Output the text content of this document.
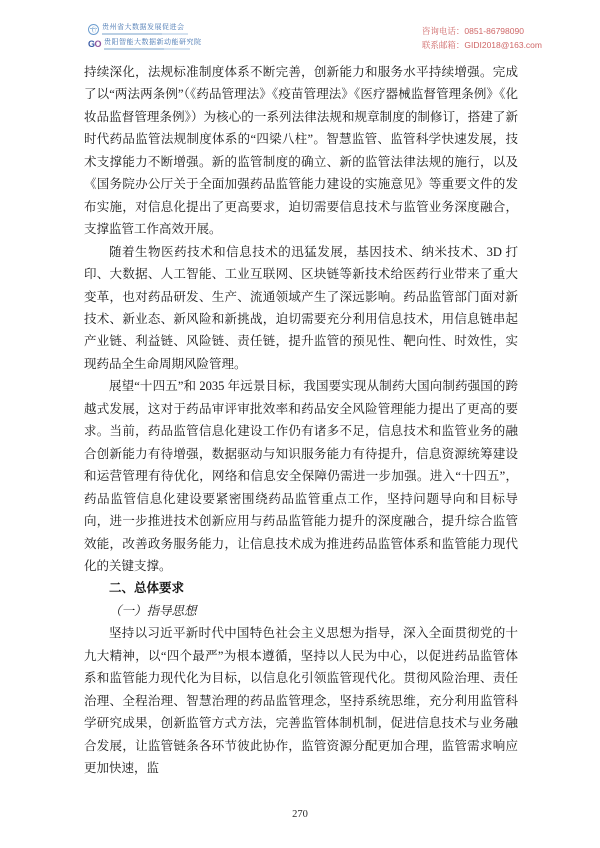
贵州省大数据发展促进会
GO 贵阳智能大数据新动能研究院
咨询电话：0851-86798090
联系邮箱：GIDI2018@163.com

持续深化，法规标准制度体系不断完善，创新能力和服务水平持续增强。完成了以“两法两条例”（《药品管理法》《疫苗管理法》《医疗器械监督管理条例》《化妆品监督管理条例》）为核心的一系列法律法规和规章制度的制修订，搭建了新时代药品监管法规制度体系的“四梁八柱”。智慧监管、监管科学快速发展，技术支撑能力不断增强。新的监管制度的确立、新的监管法律法规的施行，以及《国务院办公厅关于全面加强药品监管能力建设的实施意见》等重要文件的发布实施，对信息化提出了更高要求，迫切需要信息技术与监管业务深度融合，支撑监管工作高效开展。

随着生物医药技术和信息技术的迅猛发展，基因技术、纳米技术、3D 打印、大数据、人工智能、工业互联网、区块链等新技术给医药行业带来了重大变革，也对药品研发、生产、流通领域产生了深远影响。药品监管部门面对新技术、新业态、新风险和新挑战，迫切需要充分利用信息技术，用信息链串起产业链、利益链、风险链、责任链，提升监管的预见性、靶向性、时效性，实现药品全生命周期风险管理。

展望“十四五”和 2035 年远景目标，我国要实现从制药大国向制药强国的跨越式发展，这对于药品审评审批效率和药品安全风险管理能力提出了更高的要求。当前，药品监管信息化建设工作仍有诸多不足，信息技术和监管业务的融合创新能力有待增强，数据驱动与知识服务能力有待提升，信息资源统筹建设和运营管理有待优化，网络和信息安全保障仍需进一步加强。进入“十四五”，药品监管信息化建设要紧密围绕药品监管重点工作，坚持问题导向和目标导向，进一步推进技术创新应用与药品监管能力提升的深度融合，提升综合监管效能，改善政务服务能力，让信息技术成为推进药品监管体系和监管能力现代化的关键支撑。

二、总体要求
（一）指导思想

坚持以习近平新时代中国特色社会主义思想为指导，深入全面贯彻党的十九大精神，以“四个最严”为根本遵循，坚持以人民为中心，以促进药品监管体系和监管能力现代化为目标，以信息化引领监管现代化。贯彻风险治理、责任治理、全程治理、智慧治理的药品监管理念，坚持系统思维，充分利用监管科学研究成果，创新监管方式方法，完善监管体制机制，促进信息技术与业务融合发展，让监管链条各环节彼此协作，监管资源分配更加合理，监管需求响应更加快速，监

270
